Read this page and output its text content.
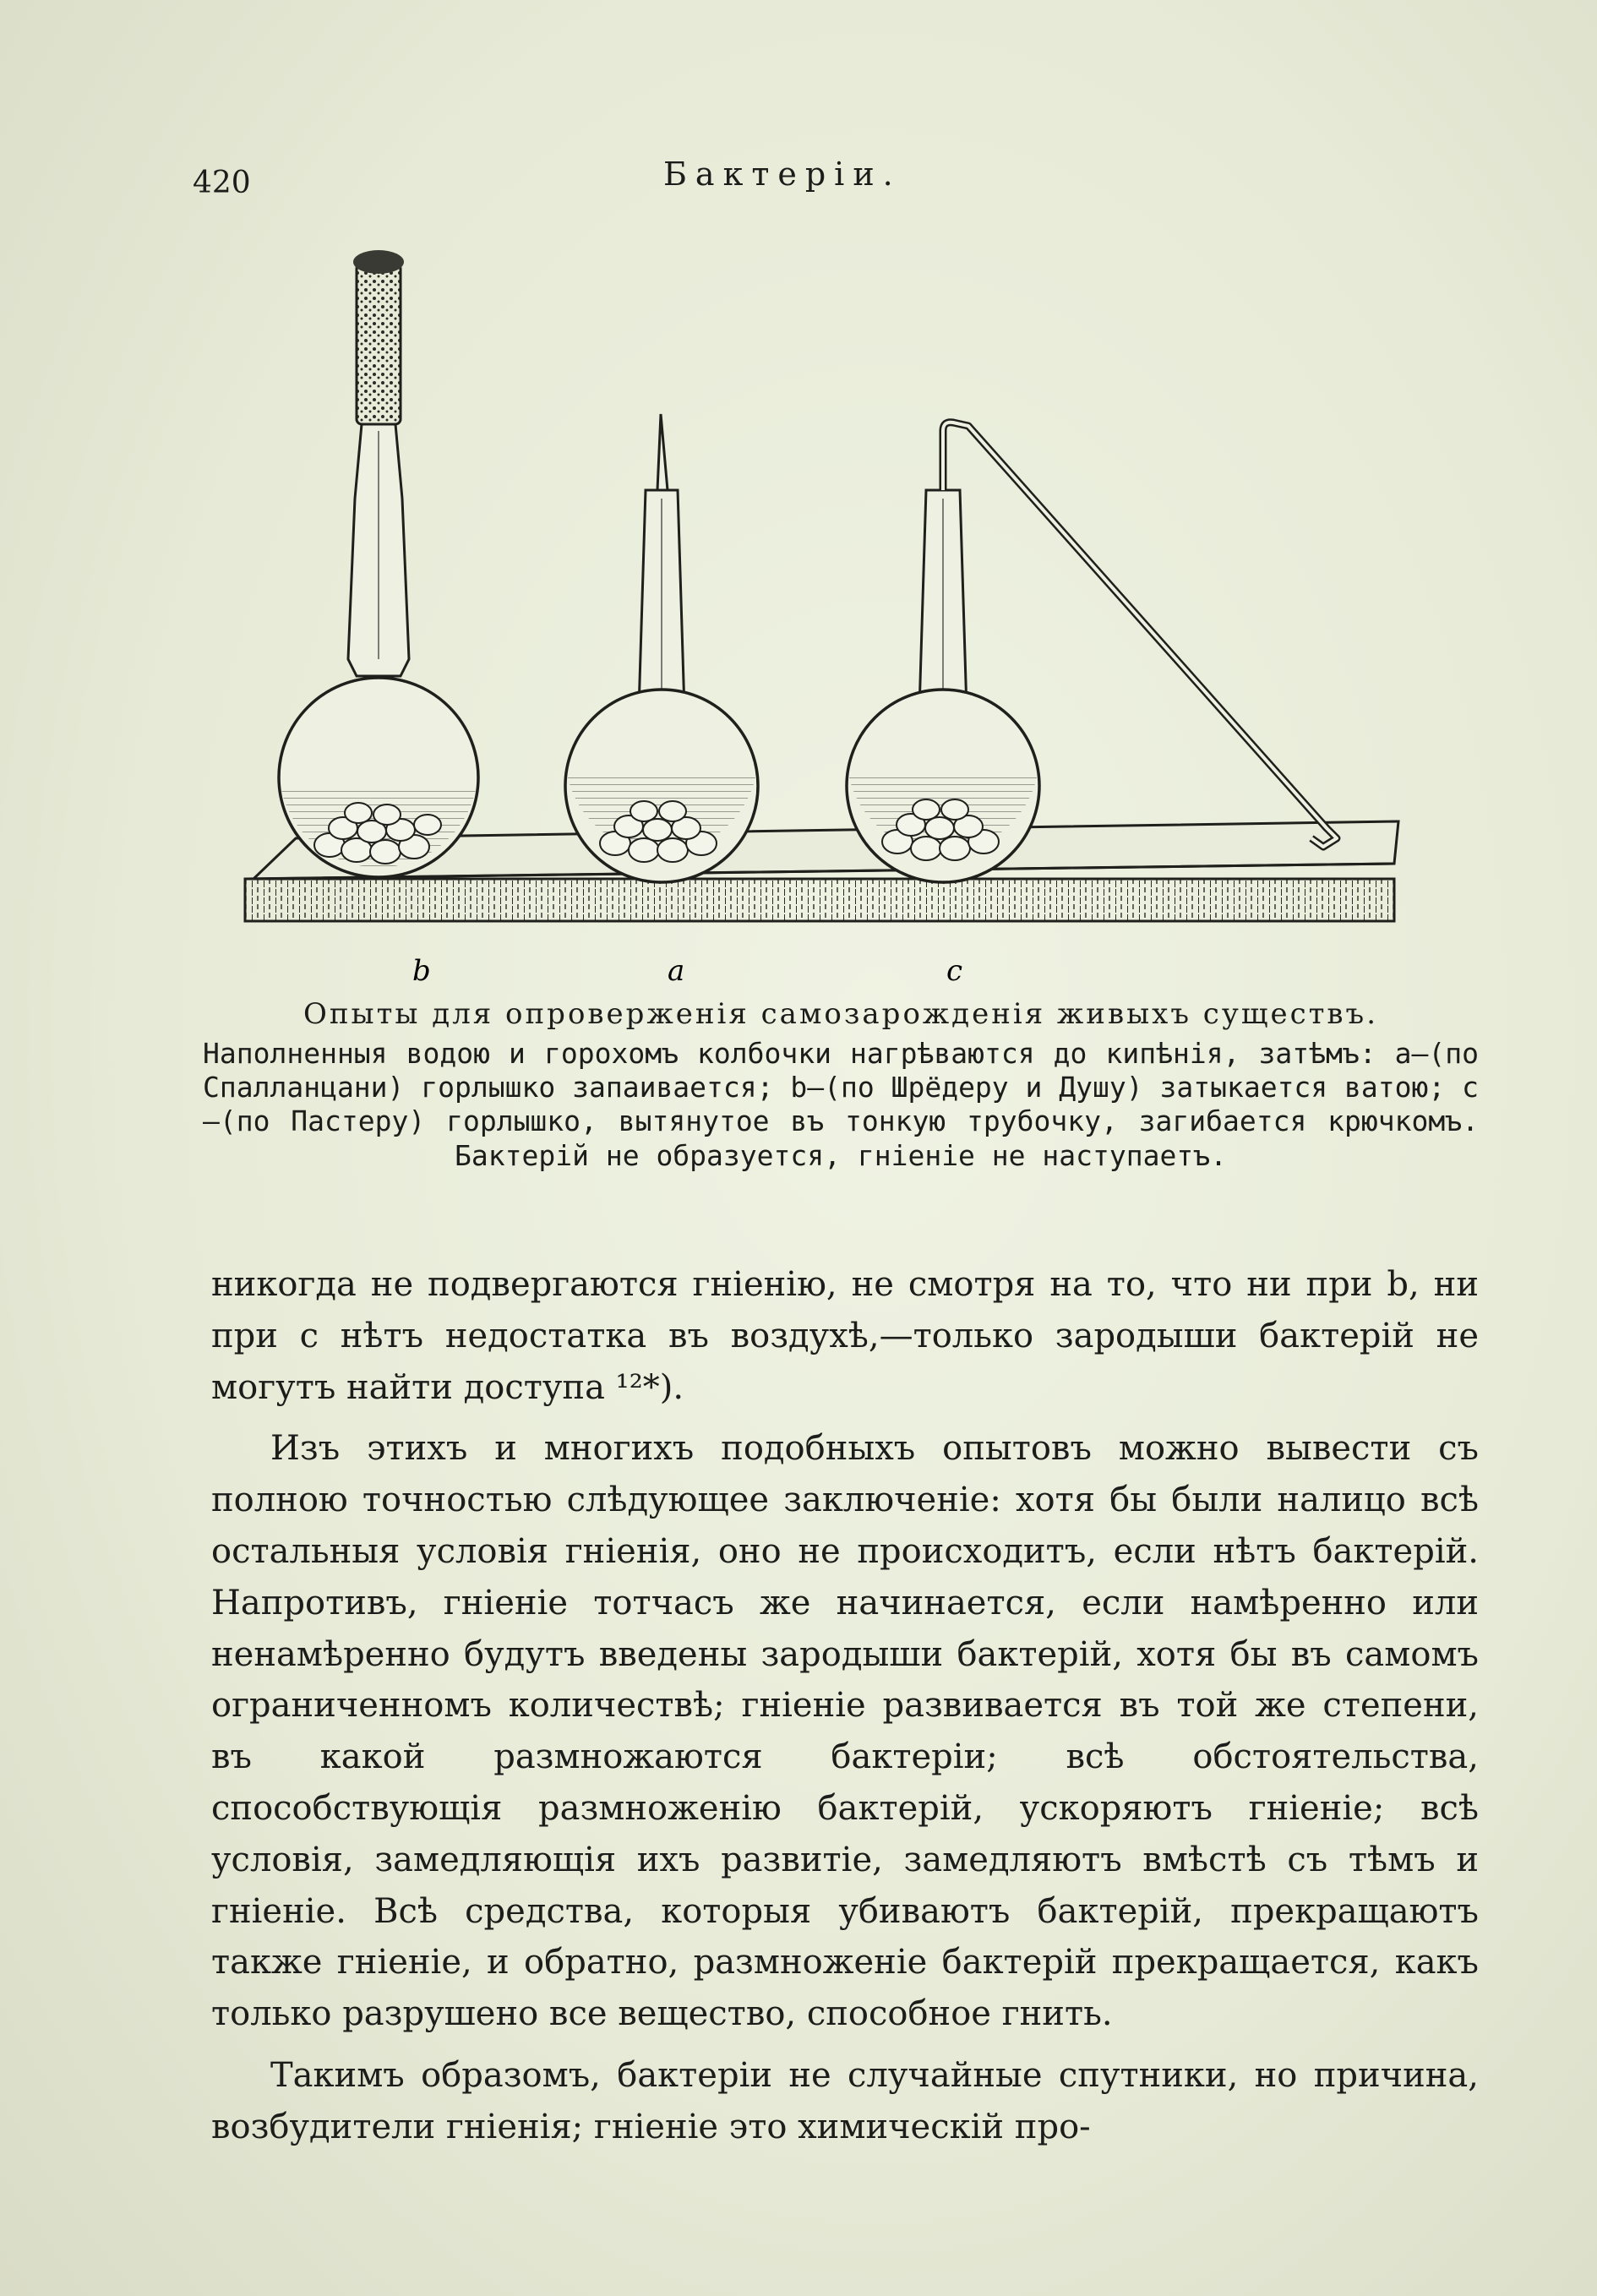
420	Бактерiи.
b	a	c

Опыты для опроверженiя самозарожденiя живыхъ существъ.

Наполненныя водою и горохомъ колбочки нагрѣваются до кипѣнiя, затѣмъ: a—(по Спалланцани) горлышко запаивается; b—(по Шрёдеру и Душу) затыкается ватою; c—(по Пастеру) горлышко, вытянутое въ тонкую трубочку, загибается крючкомъ. Бактерiй не образуется, гнiенiе не наступаетъ.

никогда не подвергаются гнiенiю, не смотря на то, что ни при b, ни при c нѣтъ недостатка въ воздухѣ,—только зародыши бактерiй не могутъ найти доступа ¹²*).

Изъ этихъ и многихъ подобныхъ опытовъ можно вывести съ полною точностью слѣдующее заключенiе: хотя бы были налицо всѣ остальныя условiя гнiенiя, оно не происходитъ, если нѣтъ бактерiй. Напротивъ, гнiенiе тотчасъ же начинается, если намѣренно или ненамѣренно будутъ введены зародыши бактерiй, хотя бы въ самомъ ограниченномъ количествѣ; гнiенiе развивается въ той же степени, въ какой размножаются бактерiи; всѣ обстоятельства, способствующiя размноженiю бактерiй, ускоряютъ гнiенiе; всѣ условiя, замедляющiя ихъ развитiе, замедляютъ вмѣстѣ съ тѣмъ и гнiенiе. Всѣ средства, которыя убиваютъ бактерiй, прекращаютъ также гнiенiе, и обратно, размноженiе бактерiй прекращается, какъ только разрушено все вещество, способное гнить.

Такимъ образомъ, бактерiи не случайные спутники, но причина, возбудители гнiенiя; гнiенiе это химическiй про-
